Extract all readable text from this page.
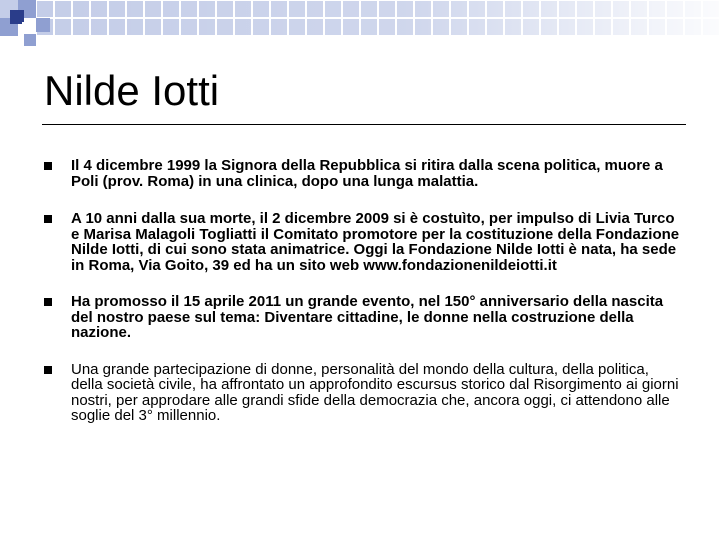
Nilde Iotti
Il 4 dicembre 1999 la Signora della Repubblica si ritira dalla scena politica, muore a Poli (prov. Roma) in una clinica, dopo una lunga malattia.
A 10 anni dalla sua morte, il 2 dicembre 2009 si è costuìto, per impulso di Livia Turco e Marisa Malagoli Togliatti il Comitato promotore per la costituzione della Fondazione Nilde Iotti, di cui sono stata animatrice. Oggi la Fondazione Nilde Iotti è nata, ha sede in Roma, Via Goito, 39 ed ha un sito web www.fondazionenildeiotti.it
Ha promosso il 15 aprile 2011 un grande evento, nel 150° anniversario della nascita del nostro paese sul tema: Diventare cittadine, le donne nella costruzione della nazione.
Una grande partecipazione di donne, personalità del mondo della cultura, della politica, della società civile, ha affrontato un approfondito escursus storico dal Risorgimento ai giorni nostri, per approdare alle grandi sfide della democrazia che, ancora oggi, ci attendono alle soglie del 3° millennio.
